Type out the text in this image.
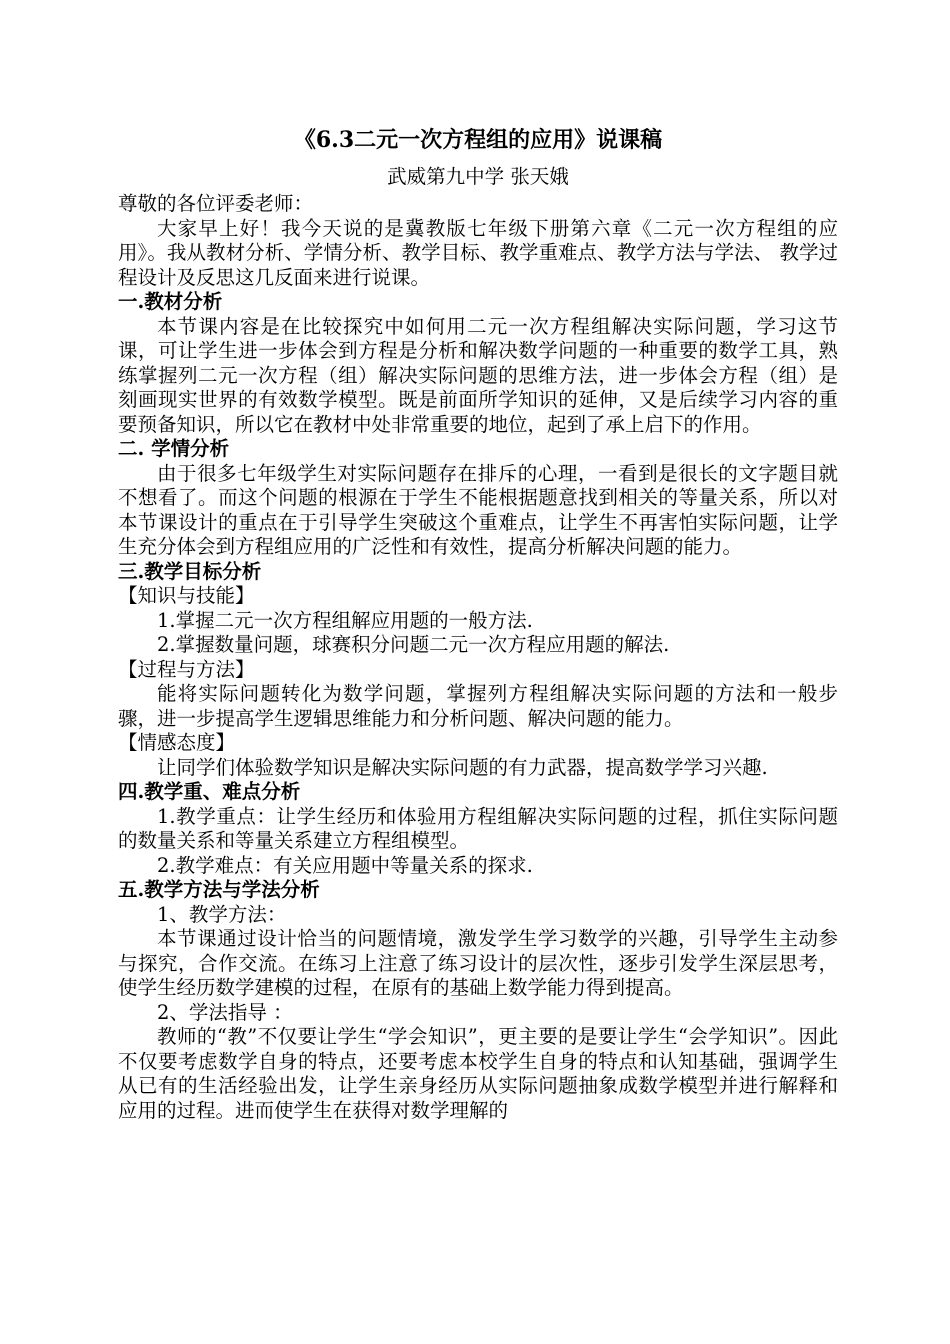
《6.3二元一次方程组的应用》说课稿
武威第九中学 张天娥

尊敬的各位评委老师：

大家早上好！我今天说的是冀教版七年级下册第六章《二元一次方程组的应用》。我从教材分析、学情分析、教学目标、教学重难点、教学方法与学法、 教学过程设计及反思这几反面来进行说课。

一.教材分析

本节课内容是在比较探究中如何用二元一次方程组解决实际问题，学习这节课，可让学生进一步体会到方程是分析和解决数学问题的一种重要的数学工具，熟练掌握列二元一次方程（组）解决实际问题的思维方法，进一步体会方程（组）是刻画现实世界的有效数学模型。既是前面所学知识的延伸，又是后续学习内容的重要预备知识，所以它在教材中处非常重要的地位，起到了承上启下的作用。

二. 学情分析

由于很多七年级学生对实际问题存在排斥的心理，一看到是很长的文字题目就不想看了。而这个问题的根源在于学生不能根据题意找到相关的等量关系，所以对本节课设计的重点在于引导学生突破这个重难点，让学生不再害怕实际问题，让学生充分体会到方程组应用的广泛性和有效性，提高分析解决问题的能力。

三.教学目标分析

【知识与技能】

1.掌握二元一次方程组解应用题的一般方法.

2.掌握数量问题，球赛积分问题二元一次方程应用题的解法.

【过程与方法】

能将实际问题转化为数学问题，掌握列方程组解决实际问题的方法和一般步骤，进一步提高学生逻辑思维能力和分析问题、解决问题的能力。

【情感态度】

让同学们体验数学知识是解决实际问题的有力武器，提高数学学习兴趣.

四.教学重、难点分析

1.教学重点：让学生经历和体验用方程组解决实际问题的过程，抓住实际问题的数量关系和等量关系建立方程组模型。

2.教学难点：有关应用题中等量关系的探求.

五.教学方法与学法分析

1、教学方法：

本节课通过设计恰当的问题情境，激发学生学习数学的兴趣，引导学生主动参与探究，合作交流。在练习上注意了练习设计的层次性，逐步引发学生深层思考，使学生经历数学建模的过程，在原有的基础上数学能力得到提高。

2、学法指导 ：

教师的“教”不仅要让学生“学会知识”，更主要的是要让学生“会学知识”。因此不仅要考虑数学自身的特点，还要考虑本校学生自身的特点和认知基础，强调学生从已有的生活经验出发，让学生亲身经历从实际问题抽象成数学模型并进行解释和应用的过程。进而使学生在获得对数学理解的
